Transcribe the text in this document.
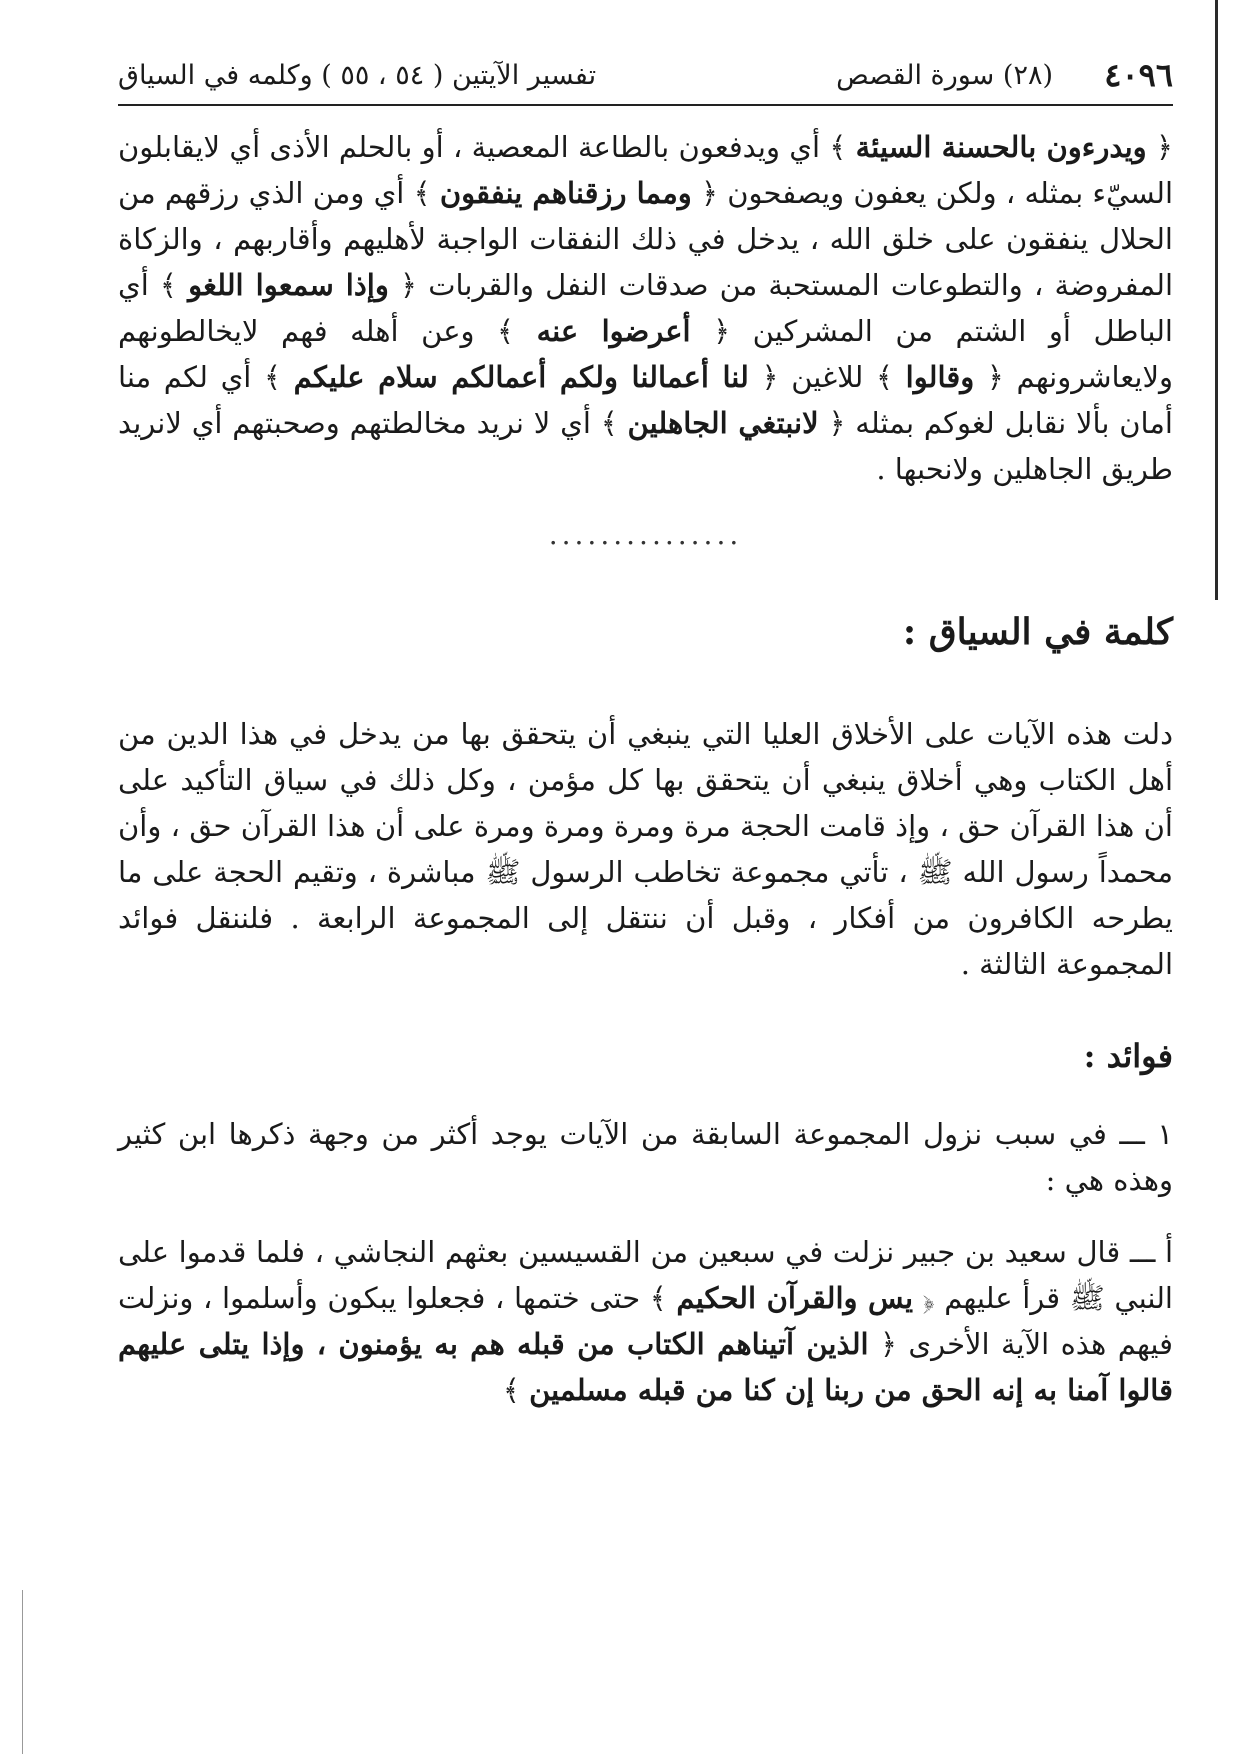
٤٠٩٦
(٢٨) سورة القصص
تفسير الآيتين ( ٥٤ ، ٥٥ ) وكلمه في السياق

﴿ ويدرءون بالحسنة السيئة ﴾ أي ويدفعون بالطاعة المعصية ، أو بالحلم الأذى أي لايقابلون السيّء بمثله ، ولكن يعفون ويصفحون ﴿ ومما رزقناهم ينفقون ﴾ أي ومن الذي رزقهم من الحلال ينفقون على خلق الله ، يدخل في ذلك النفقات الواجبة لأهليهم وأقاربهم ، والزكاة المفروضة ، والتطوعات المستحبة من صدقات النفل والقربات ﴿ وإذا سمعوا اللغو ﴾ أي الباطل أو الشتم من المشركين ﴿ أعرضوا عنه ﴾ وعن أهله فهم لايخالطونهم ولايعاشرونهم ﴿ وقالوا ﴾ للاغين ﴿ لنا أعمالنا ولكم أعمالكم سلام عليكم ﴾ أي لكم منا أمان بألا نقابل لغوكم بمثله ﴿ لانبتغي الجاهلين ﴾ أي لا نريد مخالطتهم وصحبتهم أي لانريد طريق الجاهلين ولانحبها .

...............
كلمة في السياق :

دلت هذه الآيات على الأخلاق العليا التي ينبغي أن يتحقق بها من يدخل في هذا الدين من أهل الكتاب وهي أخلاق ينبغي أن يتحقق بها كل مؤمن ، وكل ذلك في سياق التأكيد على أن هذا القرآن حق ، وإذ قامت الحجة مرة ومرة ومرة ومرة على أن هذا القرآن حق ، وأن محمداً رسول الله ﷺ ، تأتي مجموعة تخاطب الرسول ﷺ مباشرة ، وتقيم الحجة على ما يطرحه الكافرون من أفكار ، وقبل أن ننتقل إلى المجموعة الرابعة . فلننقل فوائد المجموعة الثالثة .

فوائد :

١ ـــ في سبب نزول المجموعة السابقة من الآيات يوجد أكثر من وجهة ذكرها ابن كثير وهذه هي :

أ ـــ قال سعيد بن جبير نزلت في سبعين من القسيسين بعثهم النجاشي ، فلما قدموا على النبي ﷺ قرأ عليهم ﴿ يس والقرآن الحكيم ﴾ حتى ختمها ، فجعلوا يبكون وأسلموا ، ونزلت فيهم هذه الآية الأخرى ﴿ الذين آتيناهم الكتاب من قبله هم به يؤمنون ، وإذا يتلى عليهم قالوا آمنا به إنه الحق من ربنا إن كنا من قبله مسلمين ﴾
